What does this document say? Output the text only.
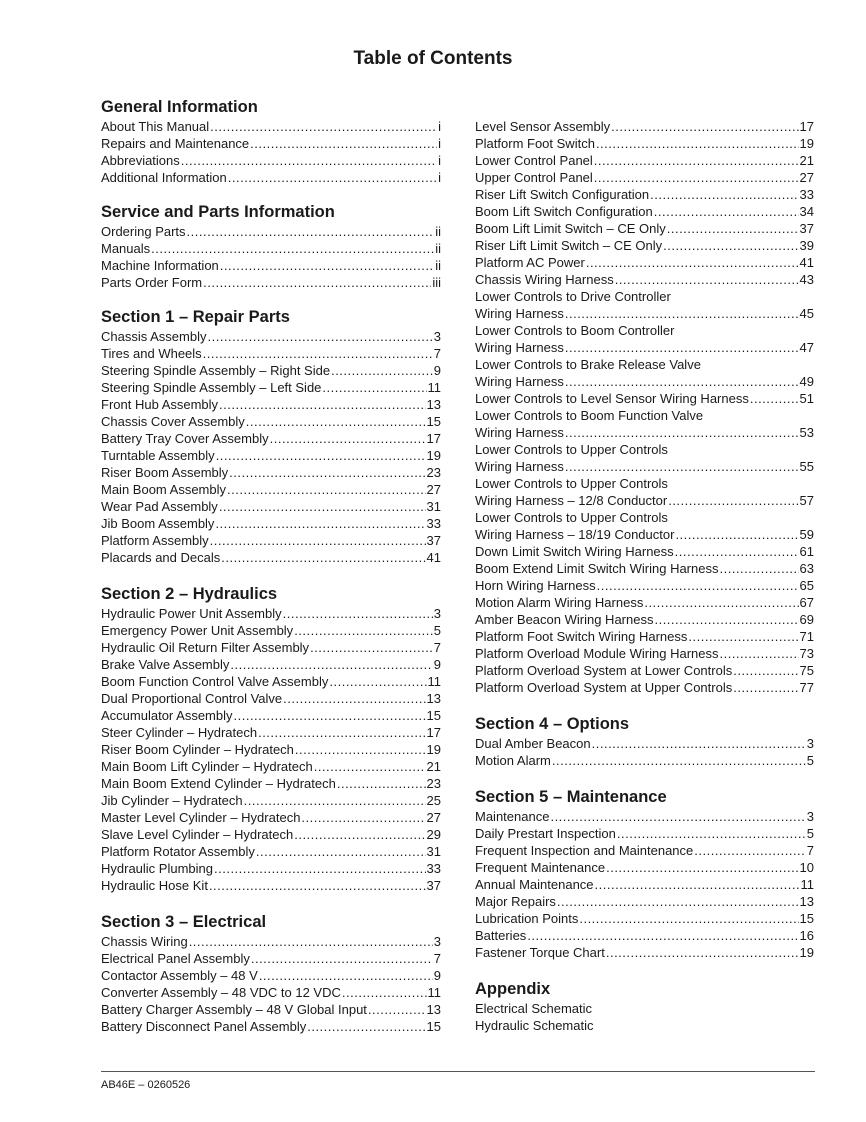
Table of Contents
General Information
About This Manual .....	i
Repairs and Maintenance .....	i
Abbreviations .....	i
Additional Information .....	i
Service and Parts Information
Ordering Parts .....	ii
Manuals .....	ii
Machine Information .....	ii
Parts Order Form .....	iii
Section 1 – Repair Parts
Chassis Assembly .....	3
Tires and Wheels .....	7
Steering Spindle Assembly – Right Side .....	9
Steering Spindle Assembly – Left Side .....	11
Front Hub Assembly .....	13
Chassis Cover Assembly .....	15
Battery Tray Cover Assembly .....	17
Turntable Assembly .....	19
Riser Boom Assembly .....	23
Main Boom Assembly .....	27
Wear Pad Assembly .....	31
Jib Boom Assembly .....	33
Platform Assembly .....	37
Placards and Decals .....	41
Section 2 – Hydraulics
Hydraulic Power Unit Assembly .....	3
Emergency Power Unit Assembly .....	5
Hydraulic Oil Return Filter Assembly .....	7
Brake Valve Assembly .....	9
Boom Function Control Valve Assembly .....	11
Dual Proportional Control Valve .....	13
Accumulator Assembly .....	15
Steer Cylinder – Hydratech .....	17
Riser Boom Cylinder – Hydratech .....	19
Main Boom Lift Cylinder – Hydratech .....	21
Main Boom Extend Cylinder – Hydratech .....	23
Jib Cylinder – Hydratech .....	25
Master Level Cylinder – Hydratech .....	27
Slave Level Cylinder – Hydratech .....	29
Platform Rotator Assembly .....	31
Hydraulic Plumbing .....	33
Hydraulic Hose Kit .....	37
Section 3 – Electrical
Chassis Wiring .....	3
Electrical Panel Assembly .....	7
Contactor Assembly – 48 V .....	9
Converter Assembly – 48 VDC to 12 VDC .....	11
Battery Charger Assembly – 48 V Global Input .....	13
Battery Disconnect Panel Assembly .....	15
Level Sensor Assembly .....	17
Platform Foot Switch .....	19
Lower Control Panel .....	21
Upper Control Panel .....	27
Riser Lift Switch Configuration .....	33
Boom Lift Switch Configuration .....	34
Boom Lift Limit Switch – CE Only .....	37
Riser Lift Limit Switch – CE Only .....	39
Platform AC Power .....	41
Chassis Wiring Harness .....	43
Lower Controls to Drive Controller
Wiring Harness .....	45
Lower Controls to Boom Controller
Wiring Harness .....	47
Lower Controls to Brake Release Valve
Wiring Harness .....	49
Lower Controls to Level Sensor Wiring Harness .....	51
Lower Controls to Boom Function Valve
Wiring Harness .....	53
Lower Controls to Upper Controls
Wiring Harness .....	55
Lower Controls to Upper Controls
Wiring Harness – 12/8 Conductor .....	57
Lower Controls to Upper Controls
Wiring Harness – 18/19 Conductor .....	59
Down Limit Switch Wiring Harness .....	61
Boom Extend Limit Switch Wiring Harness .....	63
Horn Wiring Harness .....	65
Motion Alarm Wiring Harness .....	67
Amber Beacon Wiring Harness .....	69
Platform Foot Switch Wiring Harness .....	71
Platform Overload Module Wiring Harness .....	73
Platform Overload System at Lower Controls .....	75
Platform Overload System at Upper Controls .....	77
Section 4 – Options
Dual Amber Beacon .....	3
Motion Alarm .....	5
Section 5 – Maintenance
Maintenance .....	3
Daily Prestart Inspection .....	5
Frequent Inspection and Maintenance .....	7
Frequent Maintenance .....	10
Annual Maintenance .....	11
Major Repairs .....	13
Lubrication Points .....	15
Batteries .....	16
Fastener Torque Chart .....	19
Appendix
Electrical Schematic
Hydraulic Schematic
AB46E – 0260526
